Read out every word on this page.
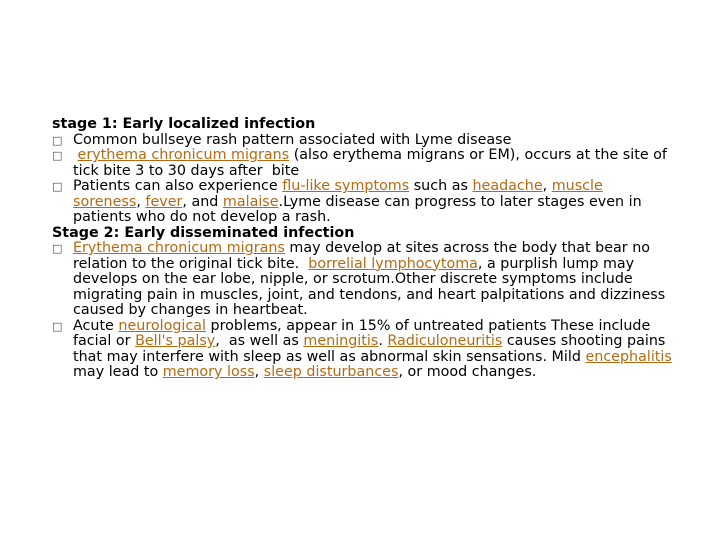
stage 1: Early localized infection

□ Common bullseye rash pattern associated with Lyme disease

□	erythema chronicum migrans (also erythema migrans or EM), occurs at the site of tick bite 3 to 30 days after  bite

□ Patients can also experience flu-like symptoms such as headache, muscle soreness, fever, and malaise.Lyme disease can progress to later stages even in patients who do not develop a rash.

Stage 2: Early disseminated infection

□ Erythema chronicum migrans may develop at sites across the body that bear no relation to the original tick bite.  borrelial lymphocytoma, a purplish lump may develops on the ear lobe, nipple, or scrotum.Other discrete symptoms include migrating pain in muscles, joint, and tendons, and heart palpitations and dizziness caused by changes in heartbeat.

□ Acute neurological problems, appear in 15% of untreated patients These include facial or Bell's palsy,  as well as meningitis. Radiculoneuritis causes shooting pains that may interfere with sleep as well as abnormal skin sensations. Mild encephalitis may lead to memory loss, sleep disturbances, or mood changes.
